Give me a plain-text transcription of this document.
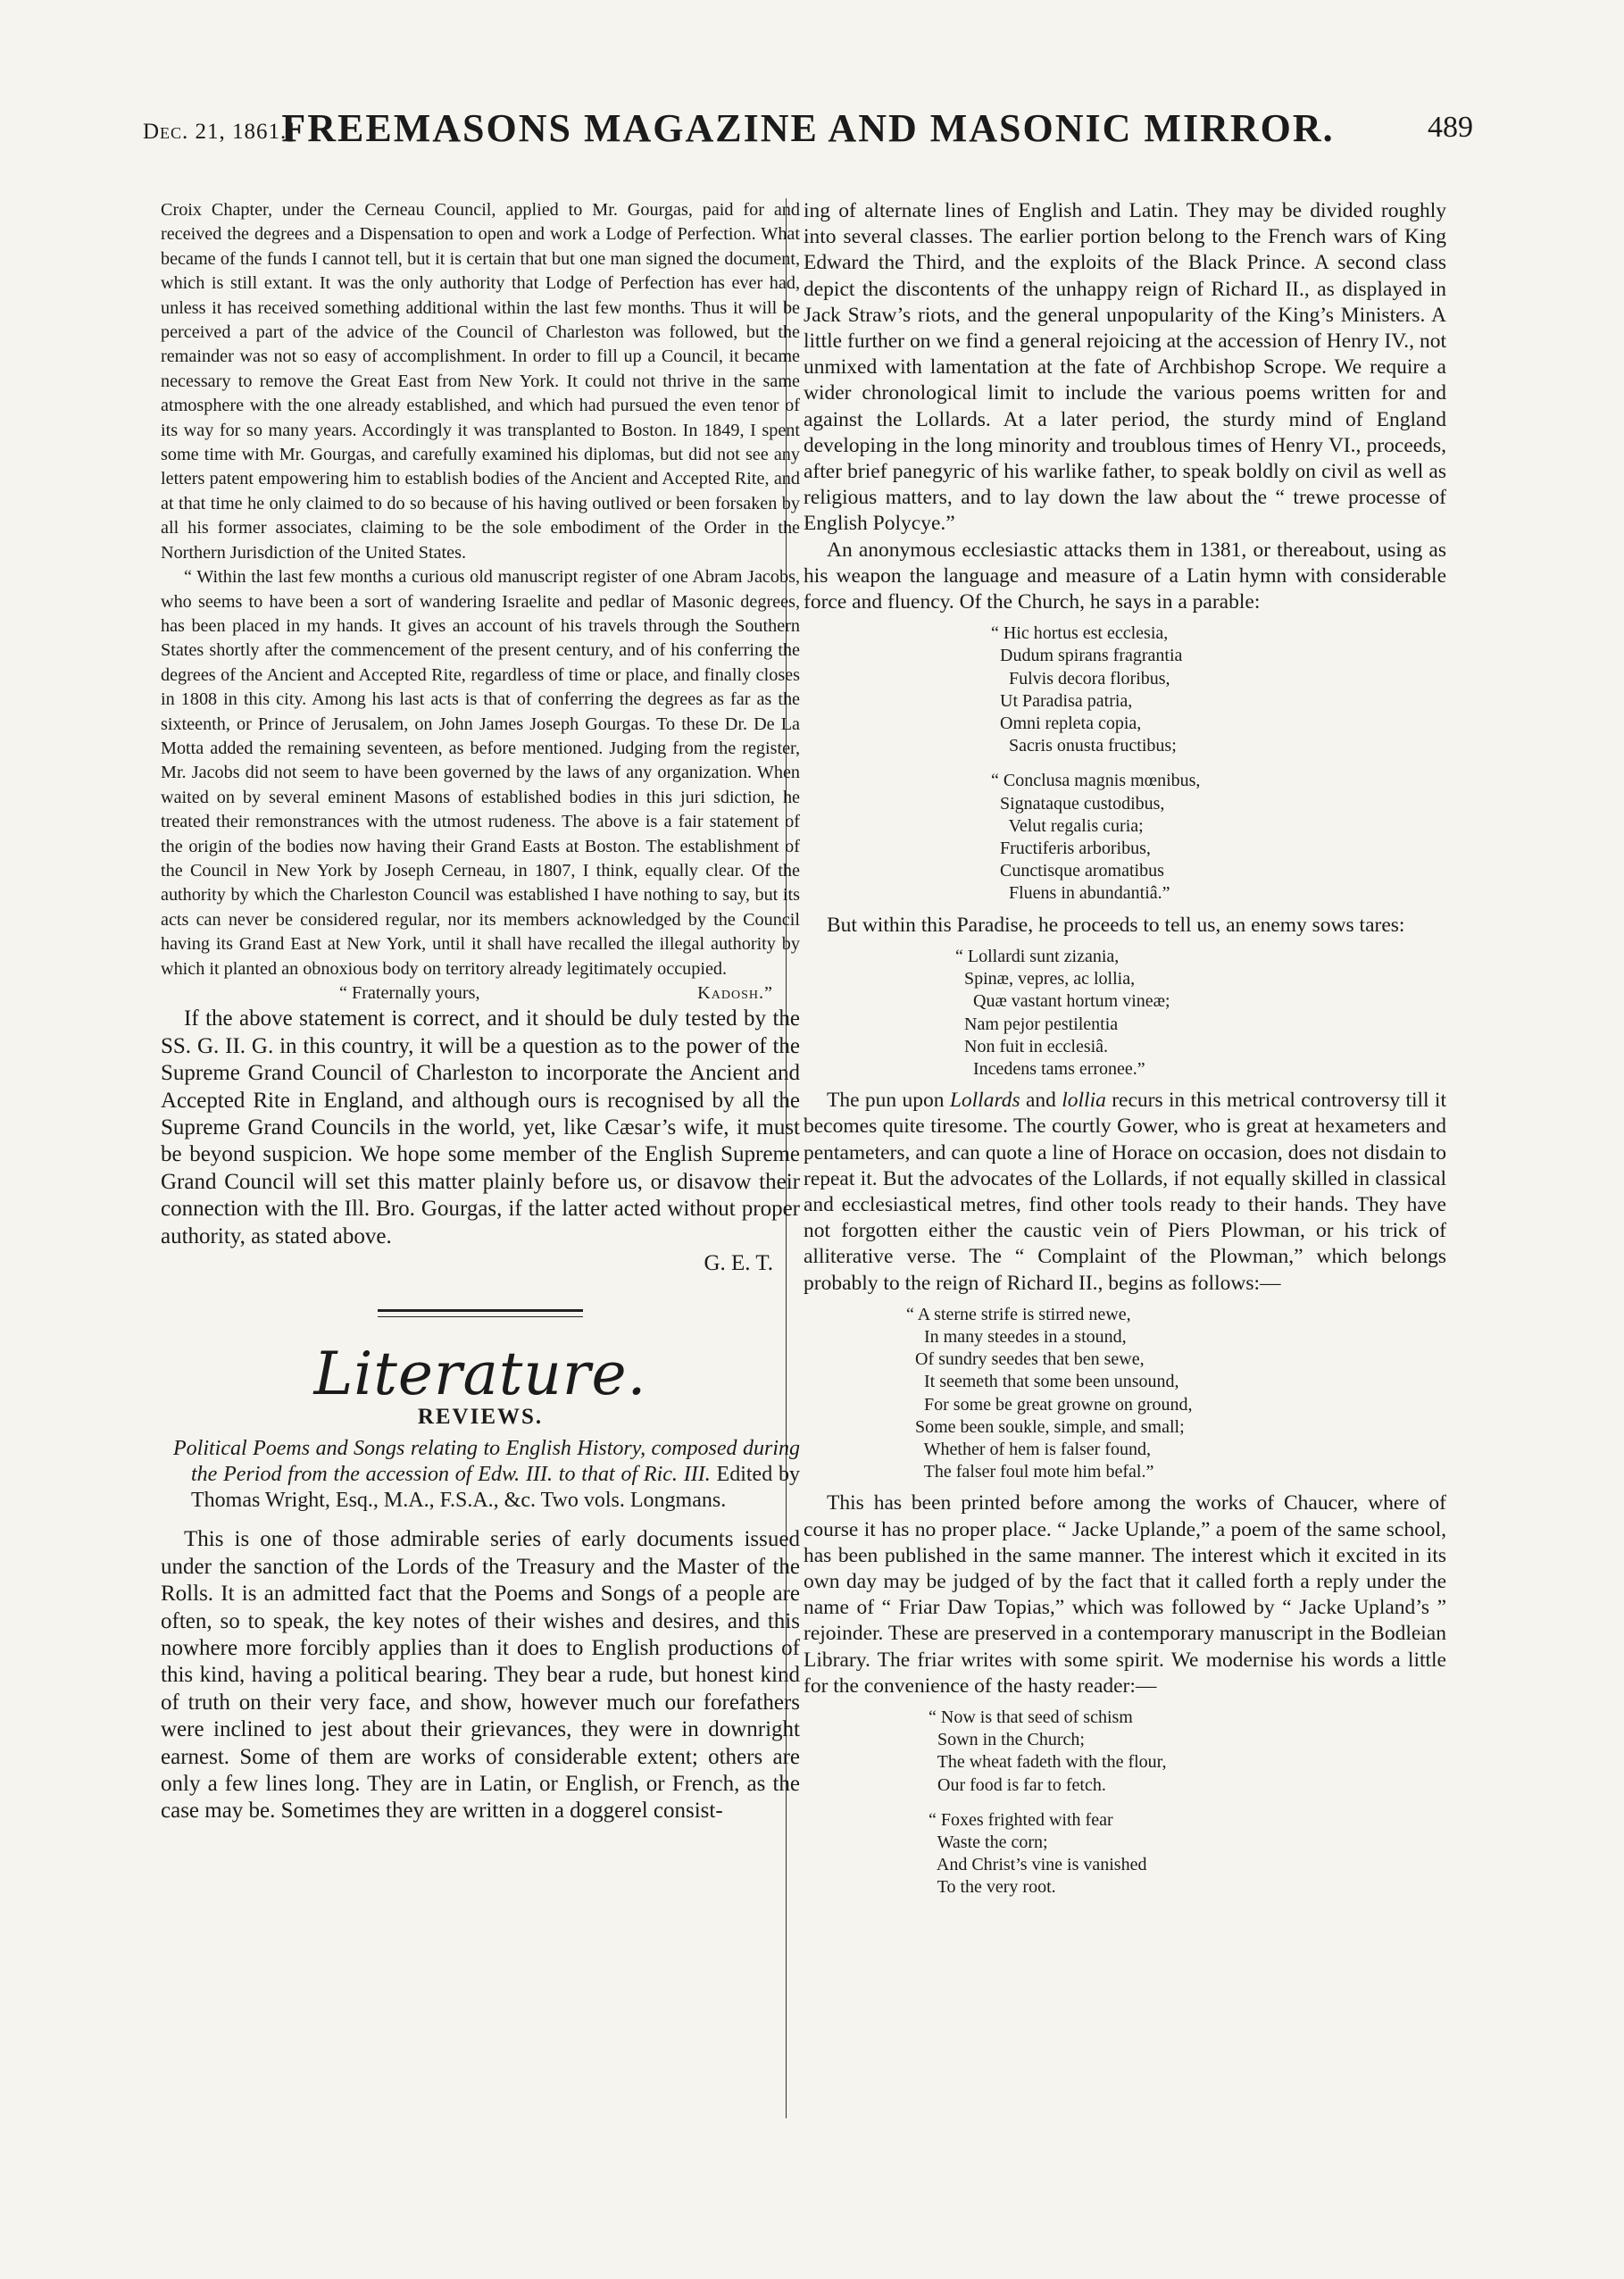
Dec. 21, 1861.]
FREEMASONS MAGAZINE AND MASONIC MIRROR.	489

Croix Chapter, under the Cerneau Council, applied to Mr. Gourgas, paid for and received the degrees and a Dispensation to open and work a Lodge of Perfection. What became of the funds I cannot tell, but it is certain that but one man signed the document, which is still extant. It was the only authority that Lodge of Perfection has ever had, unless it has received something additional within the last few months. Thus it will be perceived a part of the advice of the Council of Charleston was followed, but the remainder was not so easy of accomplishment. In order to fill up a Council, it became necessary to remove the Great East from New York. It could not thrive in the same atmosphere with the one already established, and which had pursued the even tenor of its way for so many years. Accordingly it was transplanted to Boston. In 1849, I spent some time with Mr. Gourgas, and carefully examined his diplomas, but did not see any letters patent empowering him to establish bodies of the Ancient and Accepted Rite, and at that time he only claimed to do so because of his having outlived or been forsaken by all his former associates, claiming to be the sole embodiment of the Order in the Northern Jurisdiction of the United States.

“ Within the last few months a curious old manuscript register of one Abram Jacobs, who seems to have been a sort of wandering Israelite and pedlar of Masonic degrees, has been placed in my hands. It gives an account of his travels through the Southern States shortly after the commencement of the present century, and of his conferring the degrees of the Ancient and Accepted Rite, regardless of time or place, and finally closes in 1808 in this city. Among his last acts is that of conferring the degrees as far as the sixteenth, or Prince of Jerusalem, on John James Joseph Gourgas. To these Dr. De La Motta added the remaining seventeen, as before mentioned. Judging from the register, Mr. Jacobs did not seem to have been governed by the laws of any organization. When waited on by several eminent Masons of established bodies in this juri sdiction, he treated their remonstrances with the utmost rudeness. The above is a fair statement of the origin of the bodies now having their Grand Easts at Boston. The establishment of the Council in New York by Joseph Cerneau, in 1807, I think, equally clear. Of the authority by which the Charleston Council was established I have nothing to say, but its acts can never be considered regular, nor its members acknowledged by the Council having its Grand East at New York, until it shall have recalled the illegal authority by which it planted an obnoxious body on territory already legitimately occupied.

“ Fraternally yours,	Kadosh.”

If the above statement is correct, and it should be duly tested by the SS. G. II. G. in this country, it will be a question as to the power of the Supreme Grand Council of Charleston to incorporate the Ancient and Accepted Rite in England, and although ours is recognised by all the Supreme Grand Councils in the world, yet, like Cæsar’s wife, it must be beyond suspicion. We hope some member of the English Supreme Grand Council will set this matter plainly before us, or disavow their connection with the Ill. Bro. Gourgas, if the latter acted without proper authority, as stated above.

G. E. T.
Literature.
REVIEWS.

Political Poems and Songs relating to English History, composed during the Period from the accession of Edw. III. to that of Ric. III. Edited by Thomas Wright, Esq., M.A., F.S.A., &c. Two vols. Longmans.

This is one of those admirable series of early documents issued under the sanction of the Lords of the Treasury and the Master of the Rolls. It is an admitted fact that the Poems and Songs of a people are often, so to speak, the key notes of their wishes and desires, and this nowhere more forcibly applies than it does to English productions of this kind, having a political bearing. They bear a rude, but honest kind of truth on their very face, and show, however much our forefathers were inclined to jest about their grievances, they were in downright earnest. Some of them are works of considerable extent; others are only a few lines long. They are in Latin, or English, or French, as the case may be. Sometimes they are written in a doggerel consist-

ing of alternate lines of English and Latin. They may be divided roughly into several classes. The earlier portion belong to the French wars of King Edward the Third, and the exploits of the Black Prince. A second class depict the discontents of the unhappy reign of Richard II., as displayed in Jack Straw’s riots, and the general unpopularity of the King’s Ministers. A little further on we find a general rejoicing at the accession of Henry IV., not unmixed with lamentation at the fate of Archbishop Scrope. We require a wider chronological limit to include the various poems written for and against the Lollards. At a later period, the sturdy mind of England developing in the long minority and troublous times of Henry VI., proceeds, after brief panegyric of his warlike father, to speak boldly on civil as well as religious matters, and to lay down the law about the “ trewe processe of English Polycye.”

An anonymous ecclesiastic attacks them in 1381, or thereabout, using as his weapon the language and measure of a Latin hymn with considerable force and fluency. Of the Church, he says in a parable:

“ Hic hortus est ecclesia,
Dudum spirans fragrantia
Fulvis decora floribus,
Ut Paradisa patria,
Omni repleta copia,
Sacris onusta fructibus;
“ Conclusa magnis mœnibus,
Signataque custodibus,
Velut regalis curia;
Fructiferis arboribus,
Cunctisque aromatibus
Fluens in abundantiâ.”

But within this Paradise, he proceeds to tell us, an enemy sows tares:

“ Lollardi sunt zizania,
Spinæ, vepres, ac lollia,
Quæ vastant hortum vineæ;
Nam pejor pestilentia
Non fuit in ecclesiâ.
Incedens tams erronee.”

The pun upon Lollards and lollia recurs in this metrical controversy till it becomes quite tiresome. The courtly Gower, who is great at hexameters and pentameters, and can quote a line of Horace on occasion, does not disdain to repeat it. But the advocates of the Lollards, if not equally skilled in classical and ecclesiastical metres, find other tools ready to their hands. They have not forgotten either the caustic vein of Piers Plowman, or his trick of alliterative verse. The “ Complaint of the Plowman,” which belongs probably to the reign of Richard II., begins as follows:—

“ A sterne strife is stirred newe,
In many steedes in a stound,
Of sundry seedes that ben sewe,
It seemeth that some been unsound,
For some be great growne on ground,
Some been soukle, simple, and small;
Whether of hem is falser found,
The falser foul mote him befal.”

This has been printed before among the works of Chaucer, where of course it has no proper place. “ Jacke Uplande,” a poem of the same school, has been published in the same manner. The interest which it excited in its own day may be judged of by the fact that it called forth a reply under the name of “ Friar Daw Topias,” which was followed by “ Jacke Upland’s ” rejoinder. These are preserved in a contemporary manuscript in the Bodleian Library. The friar writes with some spirit. We modernise his words a little for the convenience of the hasty reader:—

“ Now is that seed of schism
Sown in the Church;
The wheat fadeth with the flour,
Our food is far to fetch.
“ Foxes frighted with fear
Waste the corn;
And Christ’s vine is vanished
To the very root.
